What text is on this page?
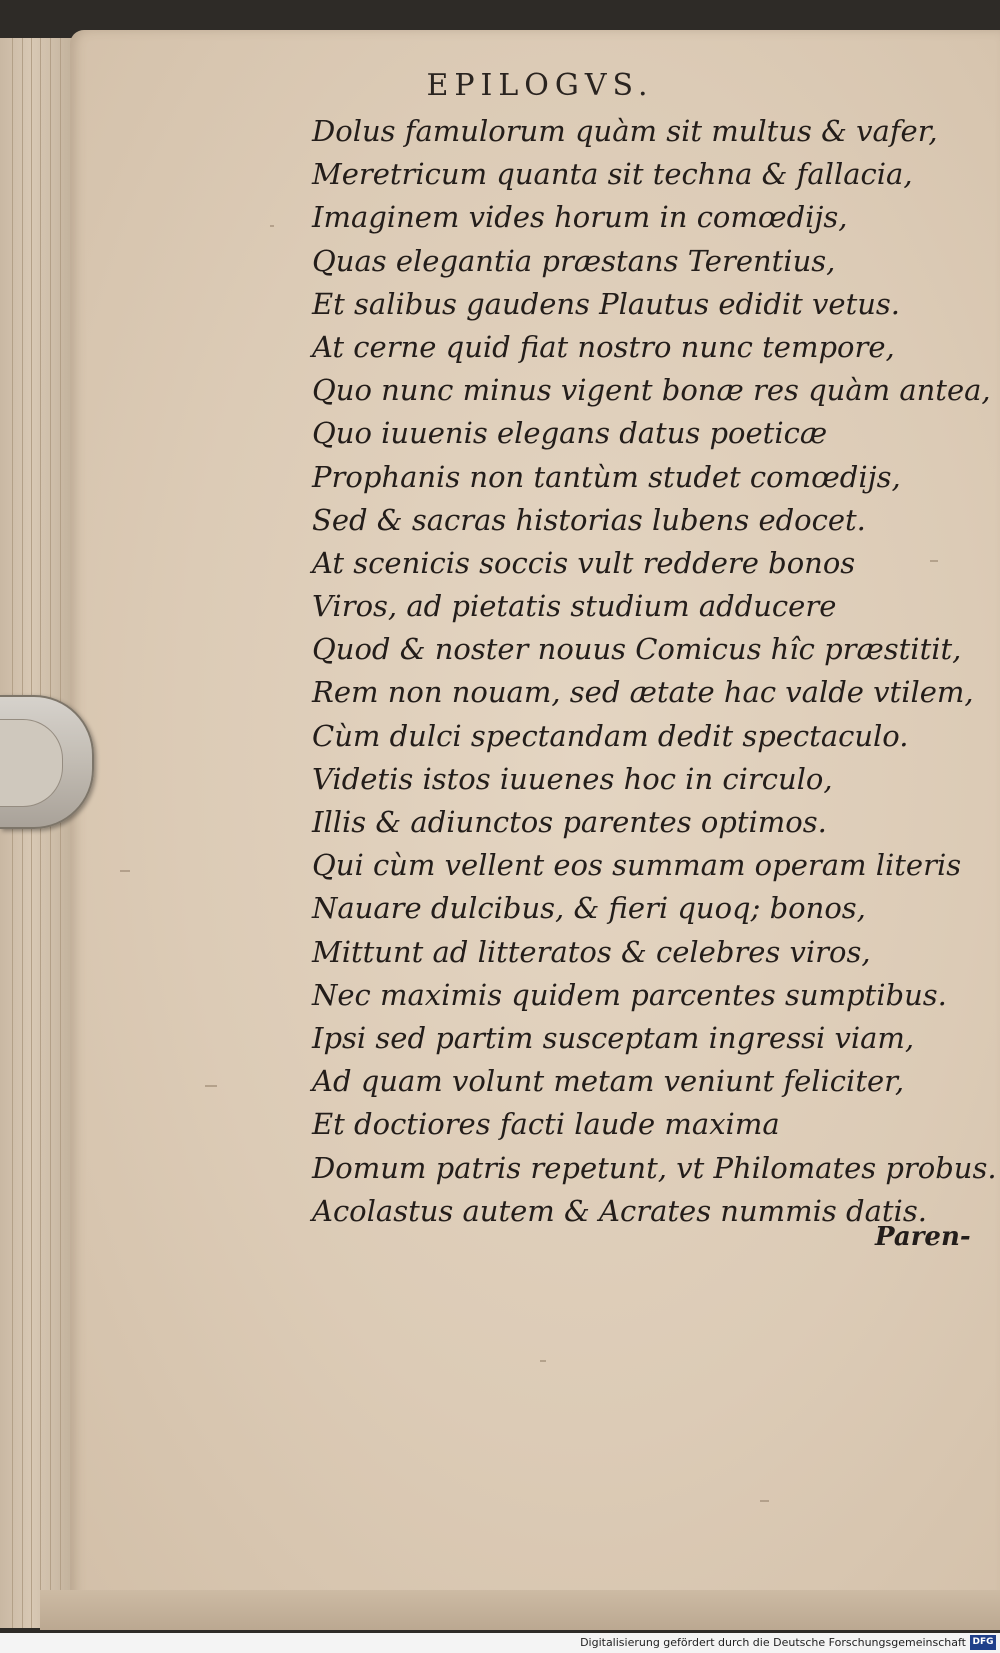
EPILOGVS.
Dolus famulorum quàm sit multus & vafer,
Meretricum quanta sit techna & fallacia,
Imaginem vides horum in comœdijs,
Quas elegantia præstans Terentius,
Et salibus gaudens Plautus edidit vetus.
At cerne quid fiat nostro nunc tempore,
Quo nunc minus vigent bonæ res quàm antea,
Quo iuuenis elegans datus poeticæ
Prophanis non tantùm studet comœdijs,
Sed & sacras historias lubens edocet.
At scenicis soccis vult reddere bonos
Viros, ad pietatis studium adducere
Quod & noster nouus Comicus hîc præstitit,
Rem non nouam, sed ætate hac valde vtilem,
Cùm dulci spectandam dedit spectaculo.
Videtis istos iuuenes hoc in circulo,
Illis & adiunctos parentes optimos.
Qui cùm vellent eos summam operam literis
Nauare dulcibus, & fieri quoq; bonos,
Mittunt ad litteratos & celebres viros,
Nec maximis quidem parcentes sumptibus.
Ipsi sed partim susceptam ingressi viam,
Ad quam volunt metam veniunt feliciter,
Et doctiores facti laude maxima
Domum patris repetunt, vt Philomates probus.
Acolastus autem & Acrates nummis datis.
Paren-
Digitalisierung gefördert durch die Deutsche Forschungsgemeinschaft DFG
